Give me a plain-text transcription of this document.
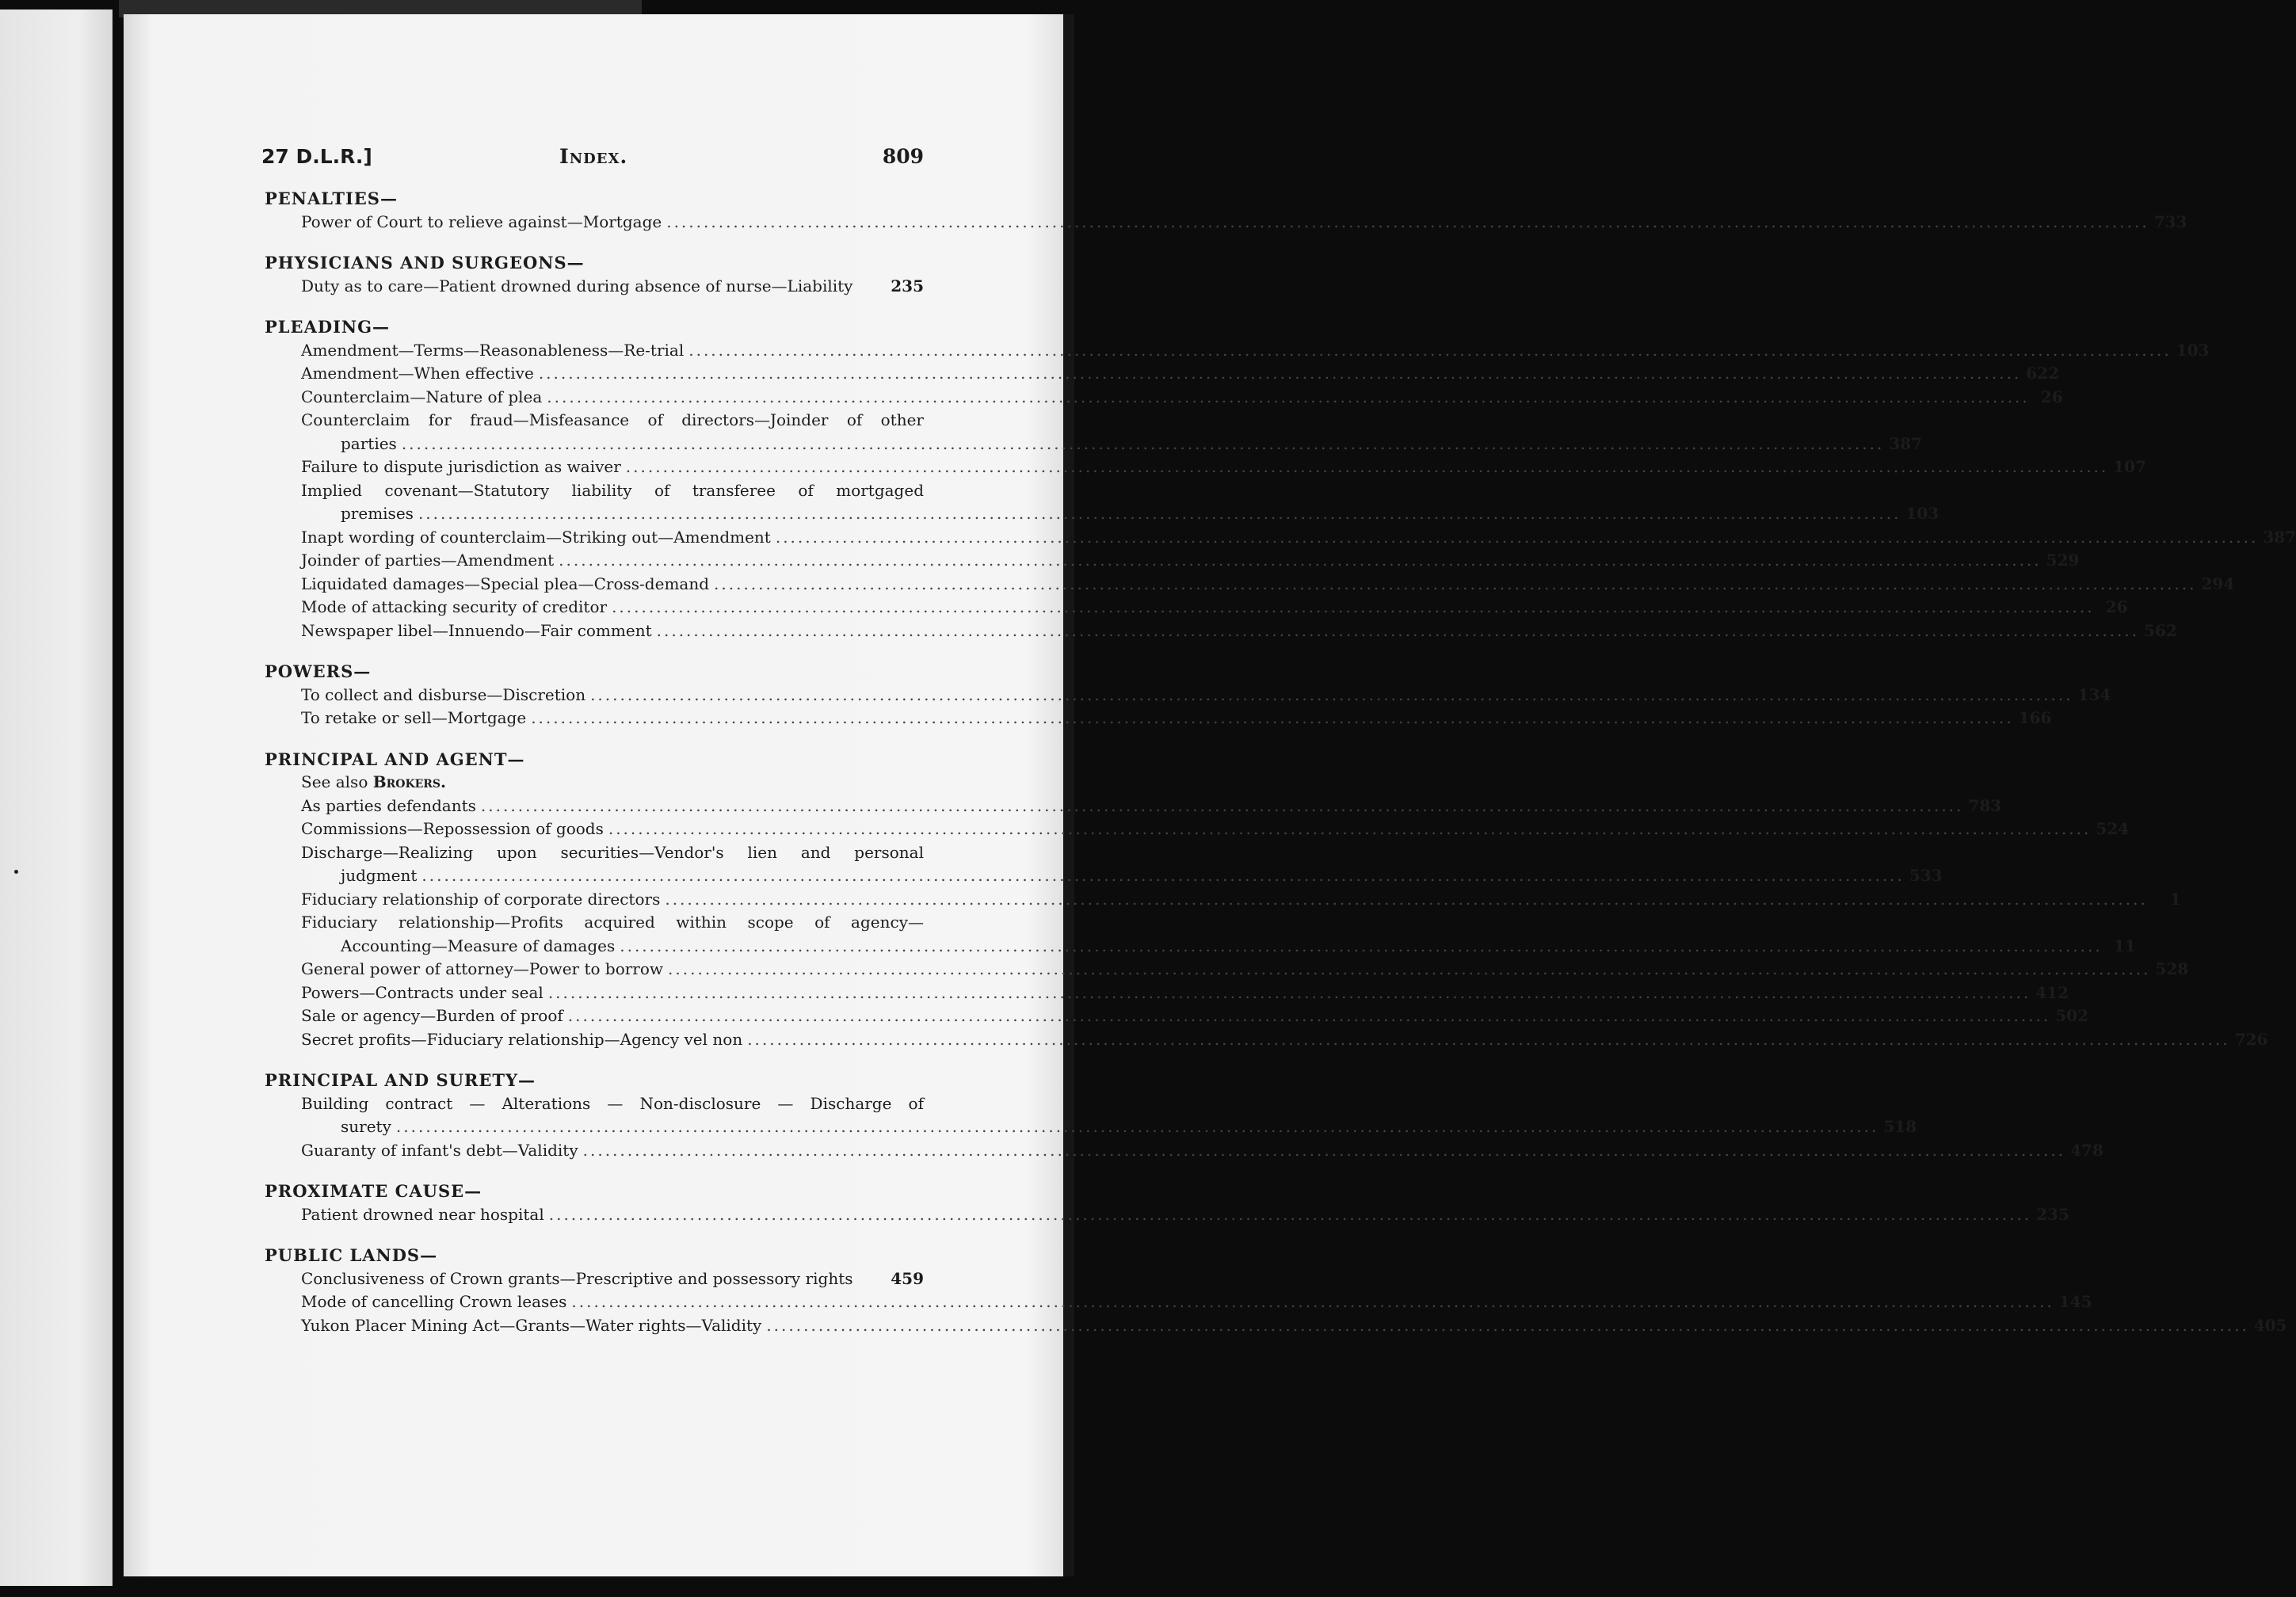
27 D.L.R.]	Index.	809
PENALTIES—
Power of Court to relieve against—Mortgage ........................................................................................................................................................................................................ 733
PHYSICIANS AND SURGEONS—
Duty as to care—Patient drowned during absence of nurse—Liability 235
PLEADING—
Amendment—Terms—Reasonableness—Re-trial ........................................................................................................................................................................................................ 103
Amendment—When effective ........................................................................................................................................................................................................ 622
Counterclaim—Nature of plea ........................................................................................................................................................................................................ 26
Counterclaim for fraud—Misfeasance of directors—Joinder of other
parties ........................................................................................................................................................................................................ 387
Failure to dispute jurisdiction as waiver ........................................................................................................................................................................................................ 107
Implied covenant—Statutory liability of transferee of mortgaged
premises ........................................................................................................................................................................................................ 103
Inapt wording of counterclaim—Striking out—Amendment ........................................................................................................................................................................................................ 387
Joinder of parties—Amendment ........................................................................................................................................................................................................ 529
Liquidated damages—Special plea—Cross-demand ........................................................................................................................................................................................................ 294
Mode of attacking security of creditor ........................................................................................................................................................................................................ 26
Newspaper libel—Innuendo—Fair comment ........................................................................................................................................................................................................ 562
POWERS—
To collect and disburse—Discretion ........................................................................................................................................................................................................ 134
To retake or sell—Mortgage ........................................................................................................................................................................................................ 166
PRINCIPAL AND AGENT—
See also Brokers.
As parties defendants ........................................................................................................................................................................................................ 783
Commissions—Repossession of goods ........................................................................................................................................................................................................ 524
Discharge—Realizing upon securities—Vendor's lien and personal
judgment ........................................................................................................................................................................................................ 533
Fiduciary relationship of corporate directors ........................................................................................................................................................................................................	1
Fiduciary relationship—Profits acquired within scope of agency—
Accounting—Measure of damages ........................................................................................................................................................................................................ 11
General power of attorney—Power to borrow ........................................................................................................................................................................................................ 528
Powers—Contracts under seal ........................................................................................................................................................................................................ 412
Sale or agency—Burden of proof ........................................................................................................................................................................................................ 502
Secret profits—Fiduciary relationship—Agency vel non ........................................................................................................................................................................................................ 726
PRINCIPAL AND SURETY—
Building contract — Alterations — Non-disclosure — Discharge of
surety ........................................................................................................................................................................................................ 518
Guaranty of infant's debt—Validity ........................................................................................................................................................................................................ 478
PROXIMATE CAUSE—
Patient drowned near hospital ........................................................................................................................................................................................................ 235
PUBLIC LANDS—
Conclusiveness of Crown grants—Prescriptive and possessory rights 459
Mode of cancelling Crown leases ........................................................................................................................................................................................................ 145
Yukon Placer Mining Act—Grants—Water rights—Validity ........................................................................................................................................................................................................ 405
